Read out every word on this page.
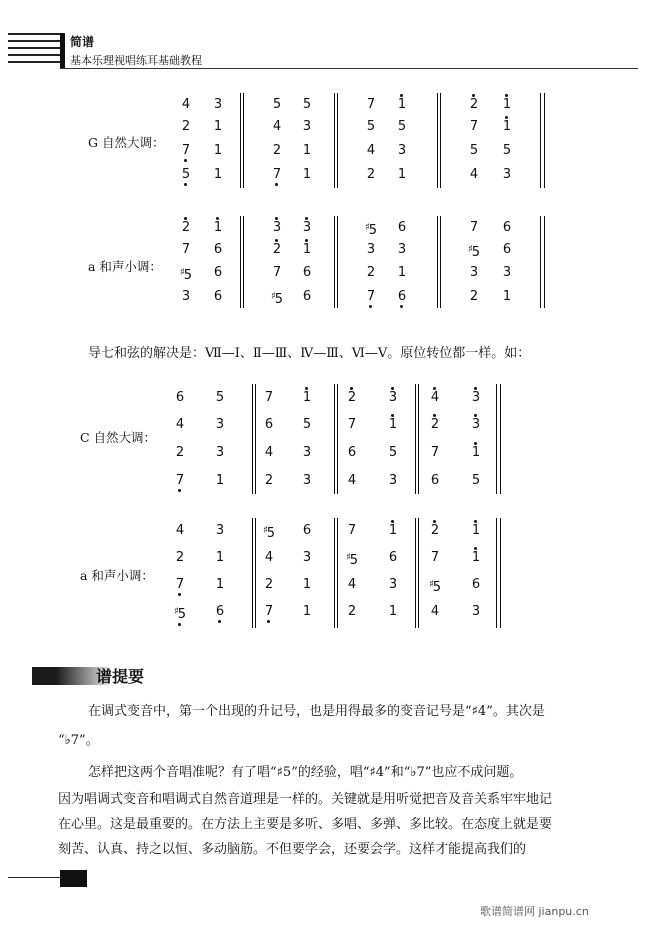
简谱
基本乐理视唱练耳基础教程
G 自然大调：
4	3
2	1
7	1
5	1
5	5
4	3
2	1
7	1
7	1
5	5
4	3
2	1
2	1
7	1
5	5
4	3
a 和声小调：
2	1
7	6
♯5	6
3	6
3	3
2	1
7	6
♯5	6
♯5	6
3	3
2	1
7	6
7	6
♯5	6
3	3
2	1
导七和弦的解决是：Ⅶ—Ⅰ、Ⅱ—Ⅲ、Ⅳ—Ⅲ、Ⅵ—Ⅴ。原位转位都一样。如：
C 自然大调：
6	5
4	3
2	3
7	1
7	1
6	5
4	3
2	3
2	3
7	1
6	5
4	3
4	3
2	3
7	1
6	5
a 和声小调：
4	3
2	1
7	1
♯5	6
♯5	6
4	3
2	1
7	1
7	1
♯5	6
4	3
2	1
2	1
7	1
♯5	6
4	3
谱提要
在调式变音中，第一个出现的升记号，也是用得最多的变音记号是“♯4”。其次是
“♭7”。
怎样把这两个音唱准呢？有了唱“♯5”的经验，唱“♯4”和“♭7”也应不成问题。
因为唱调式变音和唱调式自然音道理是一样的。关键就是用听觉把音及音关系牢牢地记
在心里。这是最重要的。在方法上主要是多听、多唱、多弹、多比较。在态度上就是要
刻苦、认真、持之以恒、多动脑筋。不但要学会，还要会学。这样才能提高我们的
歌谱简谱网 jianpu.cn
